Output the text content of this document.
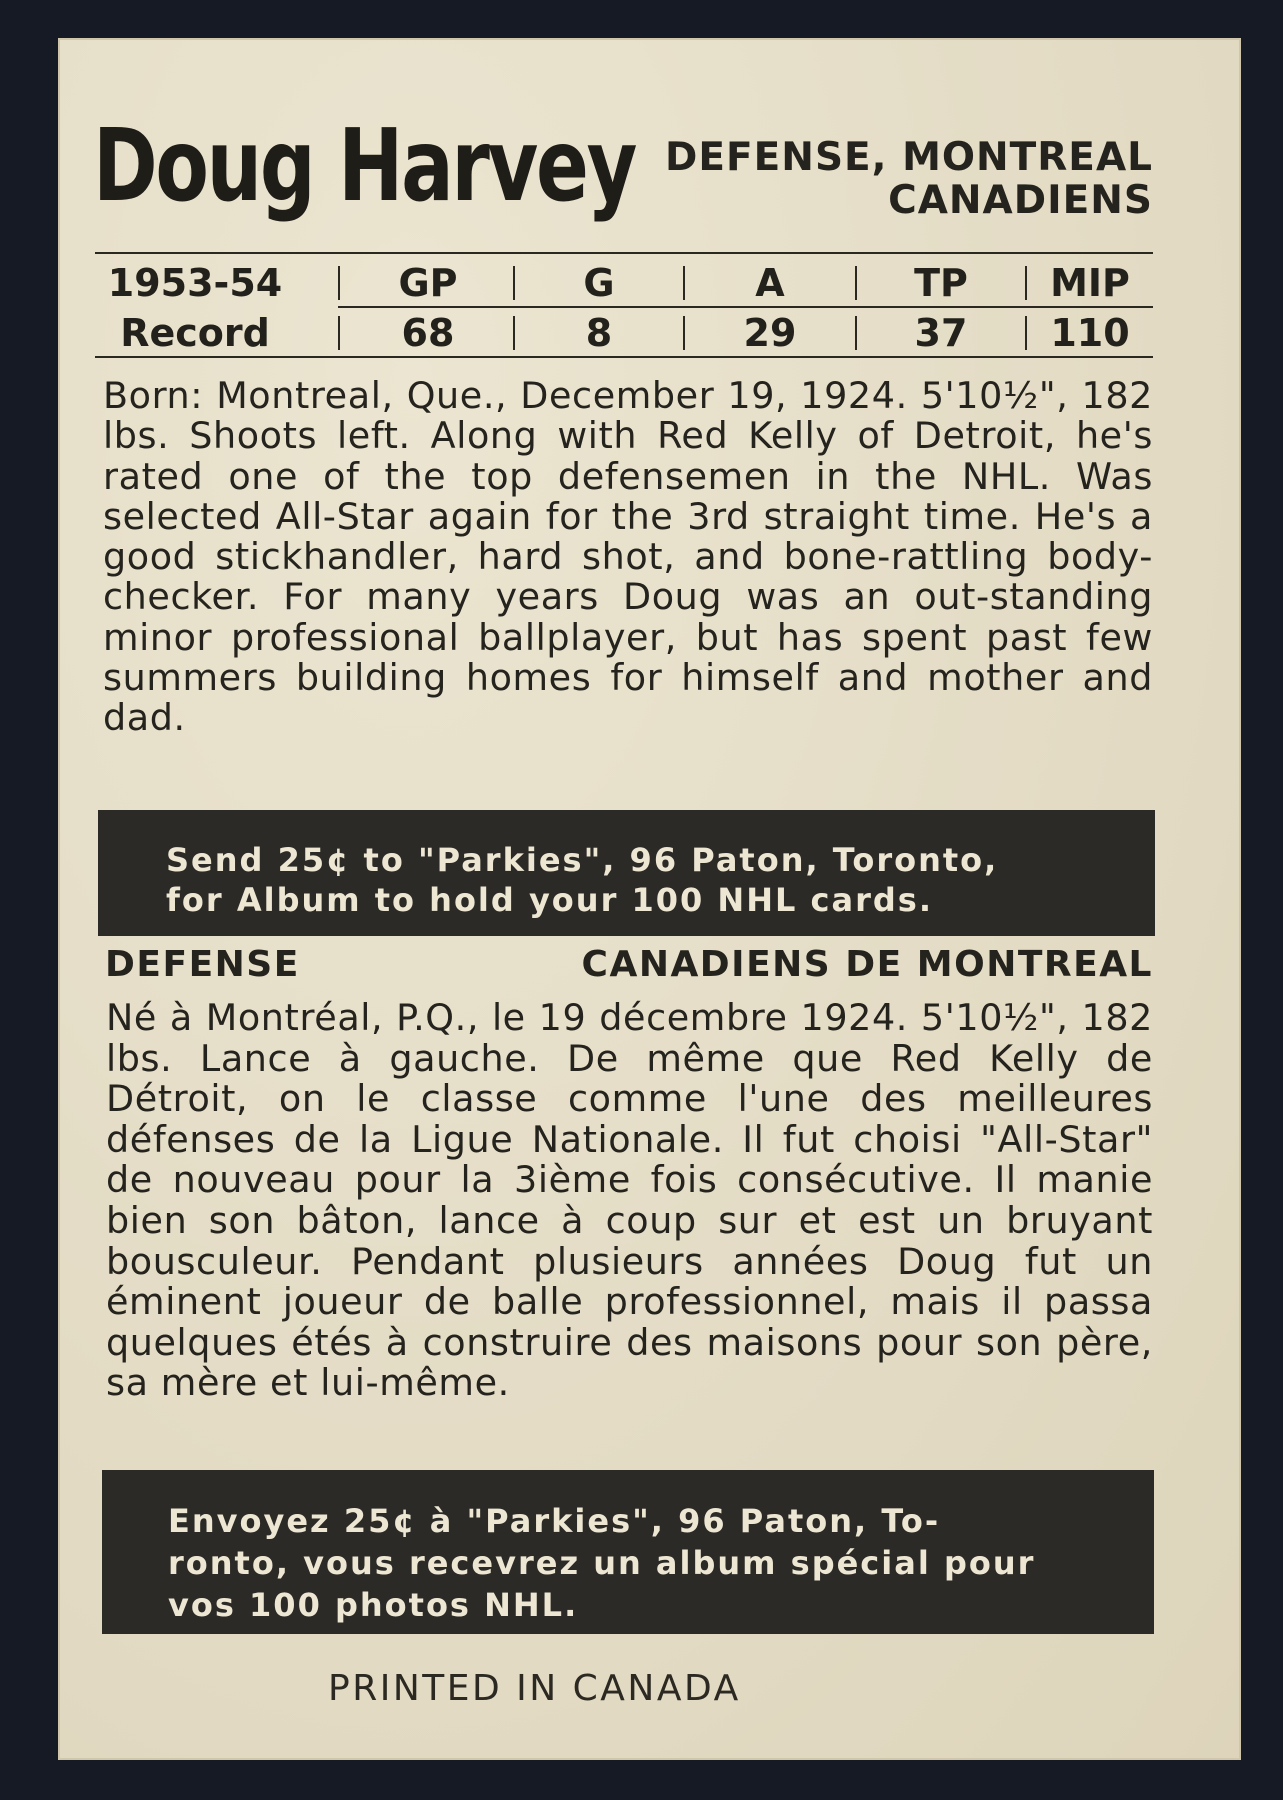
Doug Harvey DEFENSE, MONTREAL
CANADIENS
1953-54	GP	G	A	TP	MIP
Record	68	8	29	37	110
Born: Montreal, Que., December 19, 1924. 5'10½", 182 lbs. Shoots left. Along with Red Kelly of Detroit, he's rated one of the top defensemen in the NHL. Was selected All-Star again for the 3rd straight time. He's a good stickhandler, hard shot, and bone-rattling body-checker. For many years Doug was an out-standing minor professional ballplayer, but has spent past few summers building homes for himself and mother and dad.
Send 25¢ to "Parkies", 96 Paton, Toronto,
for Album to hold your 100 NHL cards.
DEFENSE	CANADIENS DE MONTREAL
Né à Montréal, P.Q., le 19 décembre 1924. 5'10½", 182 lbs. Lance à gauche. De même que Red Kelly de Détroit, on le classe comme l'une des meilleures défenses de la Ligue Nationale. Il fut choisi "All-Star" de nouveau pour la 3ième fois consécutive. Il manie bien son bâton, lance à coup sur et est un bruyant bousculeur. Pendant plusieurs années Doug fut un éminent joueur de balle professionnel, mais il passa quelques étés à construire des maisons pour son père, sa mère et lui-même.
Envoyez 25¢ à "Parkies", 96 Paton, To-
ronto, vous recevrez un album spécial pour
vos 100 photos NHL.
PRINTED IN CANADA
